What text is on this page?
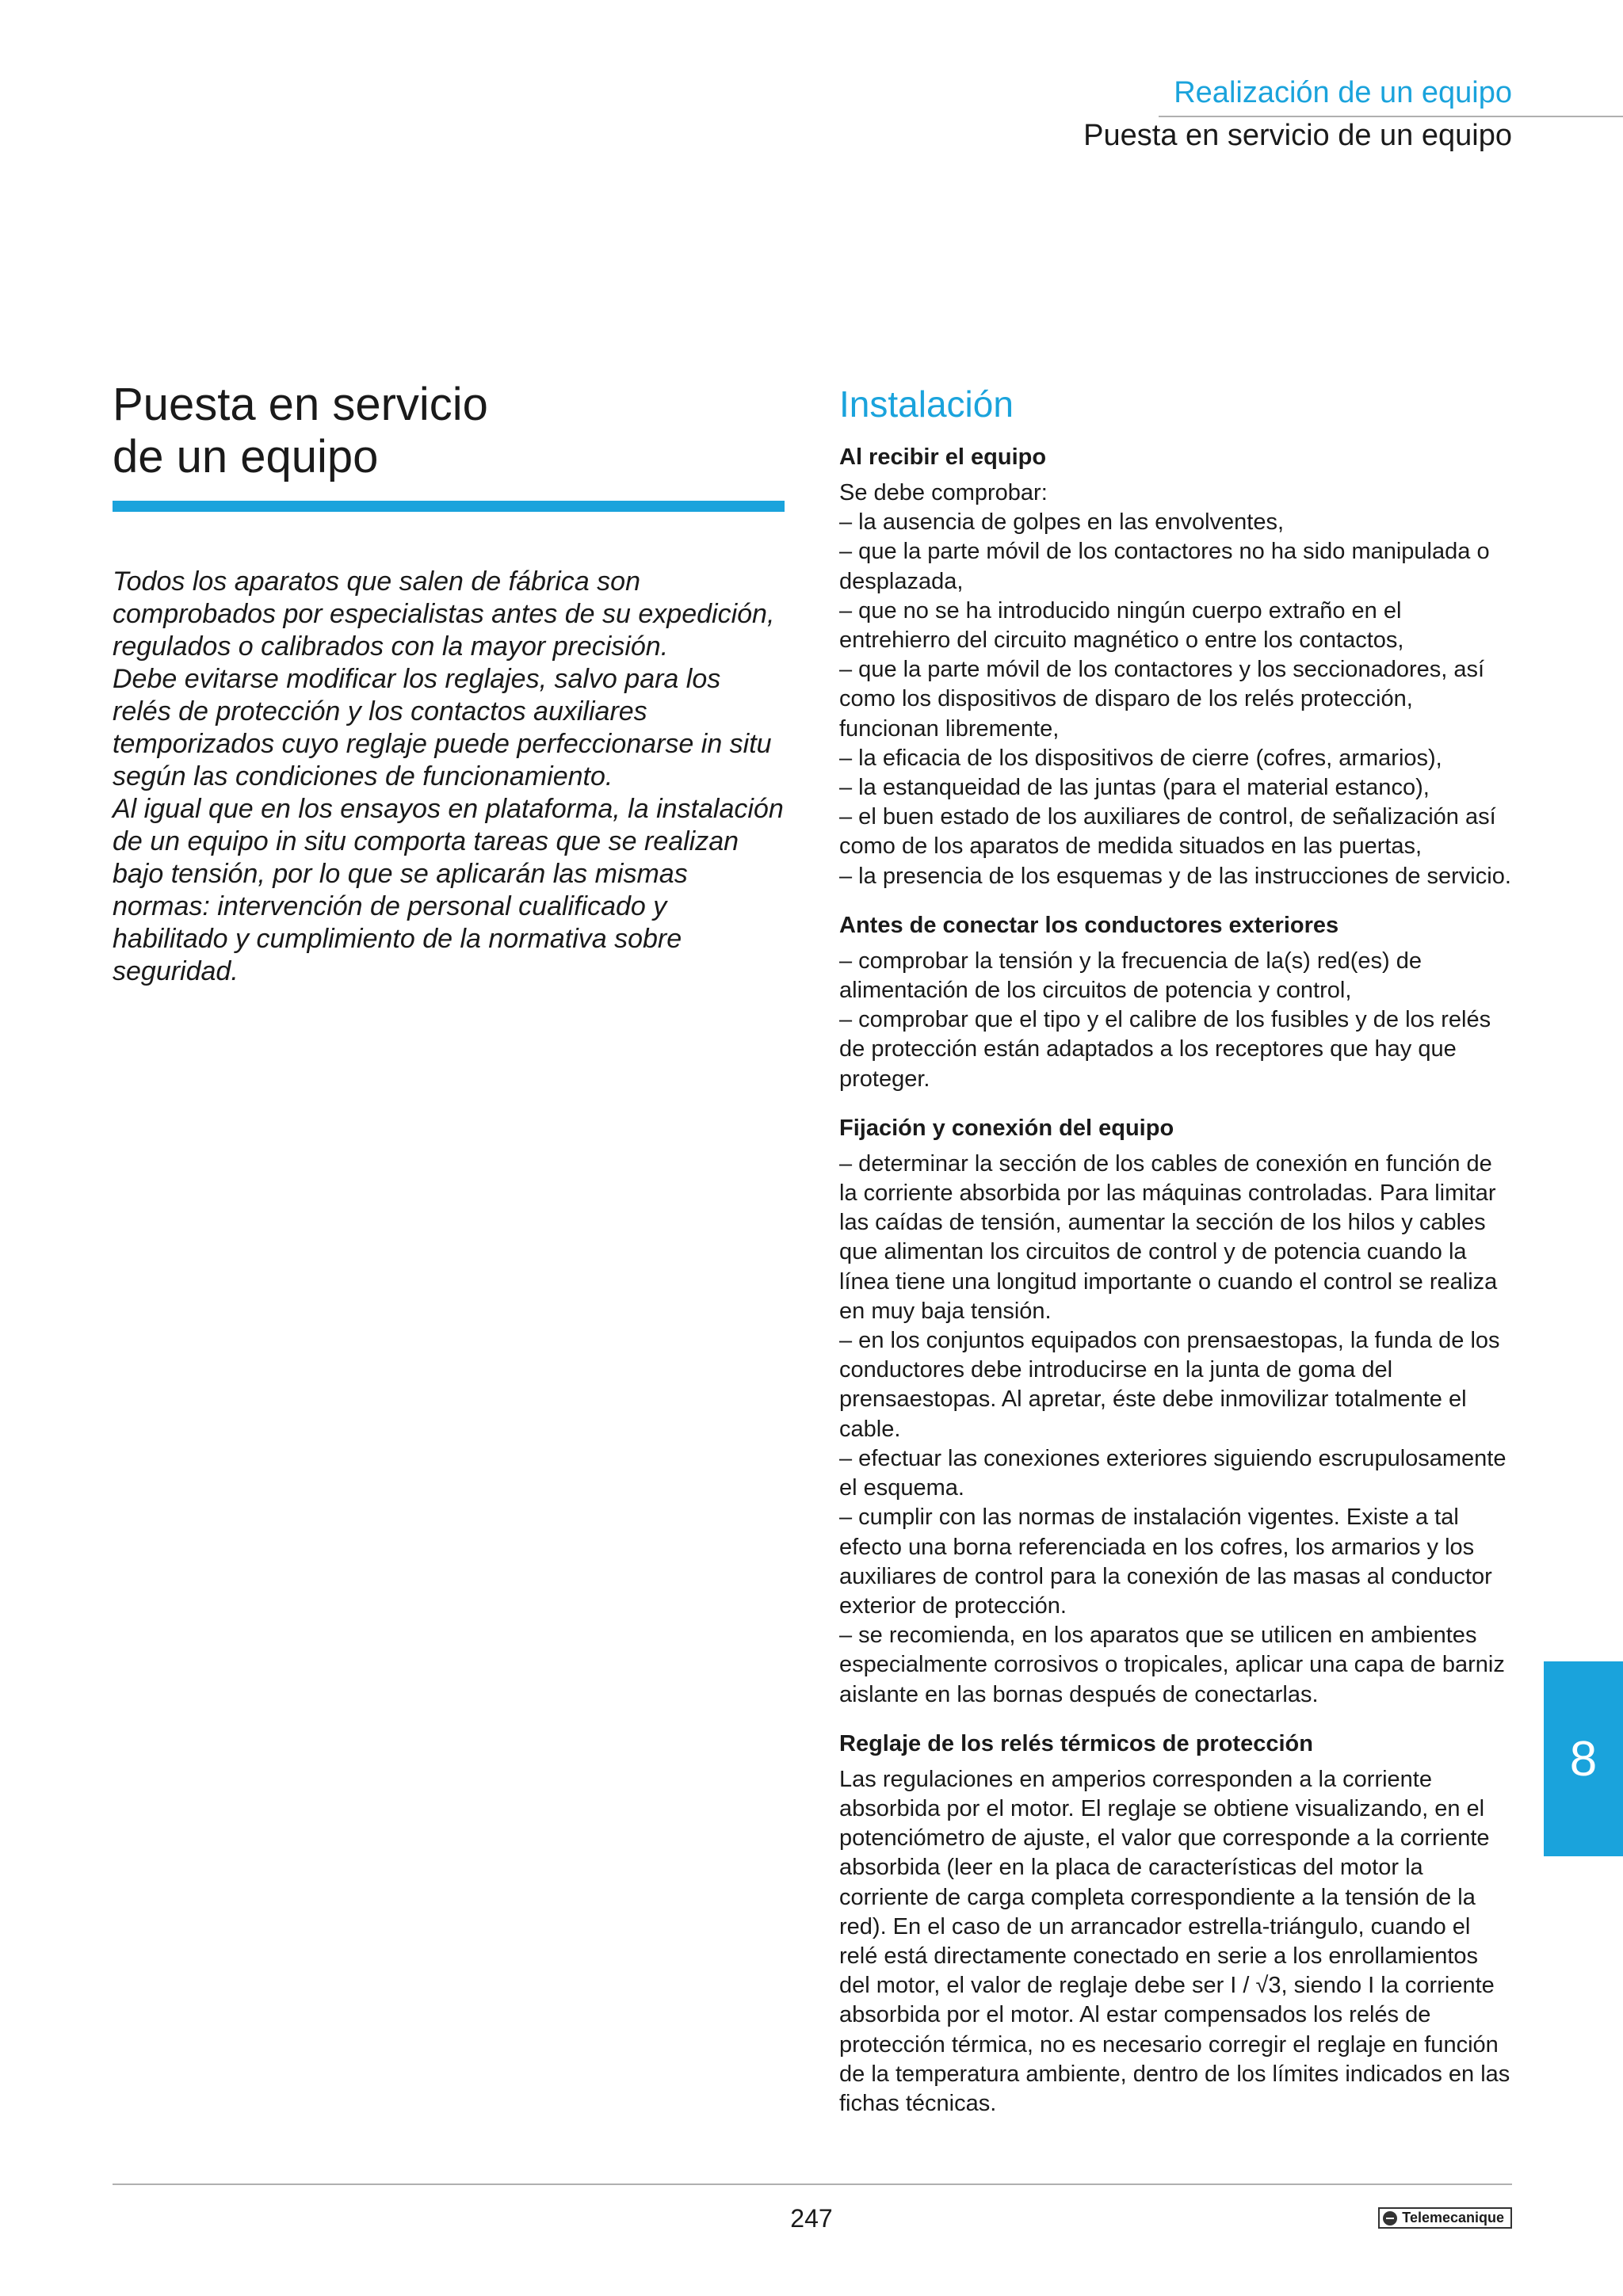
Realización de un equipo
Puesta en servicio de un equipo
Puesta en servicio
de un equipo

Todos los aparatos que salen de fábrica son comprobados por especialistas antes de su expedición, regulados o calibrados con la mayor precisión.

Debe evitarse modificar los reglajes, salvo para los relés de protección y los contactos auxiliares temporizados cuyo reglaje puede perfeccionarse in situ según las condiciones de funcionamiento.

Al igual que en los ensayos en plataforma, la instalación de un equipo in situ comporta tareas que se realizan bajo tensión, por lo que se aplicarán las mismas normas: intervención de personal cualificado y habilitado y cumplimiento de la normativa sobre seguridad.

Instalación
Al recibir el equipo

Se debe comprobar:

– la ausencia de golpes en las envolventes,

– que la parte móvil de los contactores no ha sido manipulada o desplazada,

– que no se ha introducido ningún cuerpo extraño en el entrehierro del circuito magnético o entre los contactos,

– que la parte móvil de los contactores y los seccionadores, así como los dispositivos de disparo de los relés protección, funcionan libremente,

– la eficacia de los dispositivos de cierre (cofres, armarios),

– la estanqueidad de las juntas (para el material estanco),

– el buen estado de los auxiliares de control, de señalización así como de los aparatos de medida situados en las puertas,

– la presencia de los esquemas y de las instrucciones de servicio.

Antes de conectar los conductores exteriores

– comprobar la tensión y la frecuencia de la(s) red(es) de alimentación de los circuitos de potencia y control,

– comprobar que el tipo y el calibre de los fusibles y de los relés de protección están adaptados a los receptores que hay que proteger.

Fijación y conexión del equipo

– determinar la sección de los cables de conexión en función de la corriente absorbida por las máquinas controladas. Para limitar las caídas de tensión, aumentar la sección de los hilos y cables que alimentan los circuitos de control y de potencia cuando la línea tiene una longitud importante o cuando el control se realiza en muy baja tensión.

– en los conjuntos equipados con prensaestopas, la funda de los conductores debe introducirse en la junta de goma del prensaestopas. Al apretar, éste debe inmovilizar totalmente el cable.

– efectuar las conexiones exteriores siguiendo escrupulosamente el esquema.

– cumplir con las normas de instalación vigentes. Existe a tal efecto una borna referenciada en los cofres, los armarios y los auxiliares de control para la conexión de las masas al conductor exterior de protección.

– se recomienda, en los aparatos que se utilicen en ambientes especialmente corrosivos o tropicales, aplicar una capa de barniz aislante en las bornas después de conectarlas.

Reglaje de los relés térmicos de protección

Las regulaciones en amperios corresponden a la corriente absorbida por el motor. El reglaje se obtiene visualizando, en el potenciómetro de ajuste, el valor que corresponde a la corriente absorbida (leer en la placa de características del motor la corriente de carga completa correspondiente a la tensión de la red). En el caso de un arrancador estrella-triángulo, cuando el relé está directamente conectado en serie a los enrollamientos del motor, el valor de reglaje debe ser I / √3, siendo I la corriente absorbida por el motor. Al estar compensados los relés de protección térmica, no es necesario corregir el reglaje en función de la temperatura ambiente, dentro de los límites indicados en las fichas técnicas.

8
247	Telemecanique
